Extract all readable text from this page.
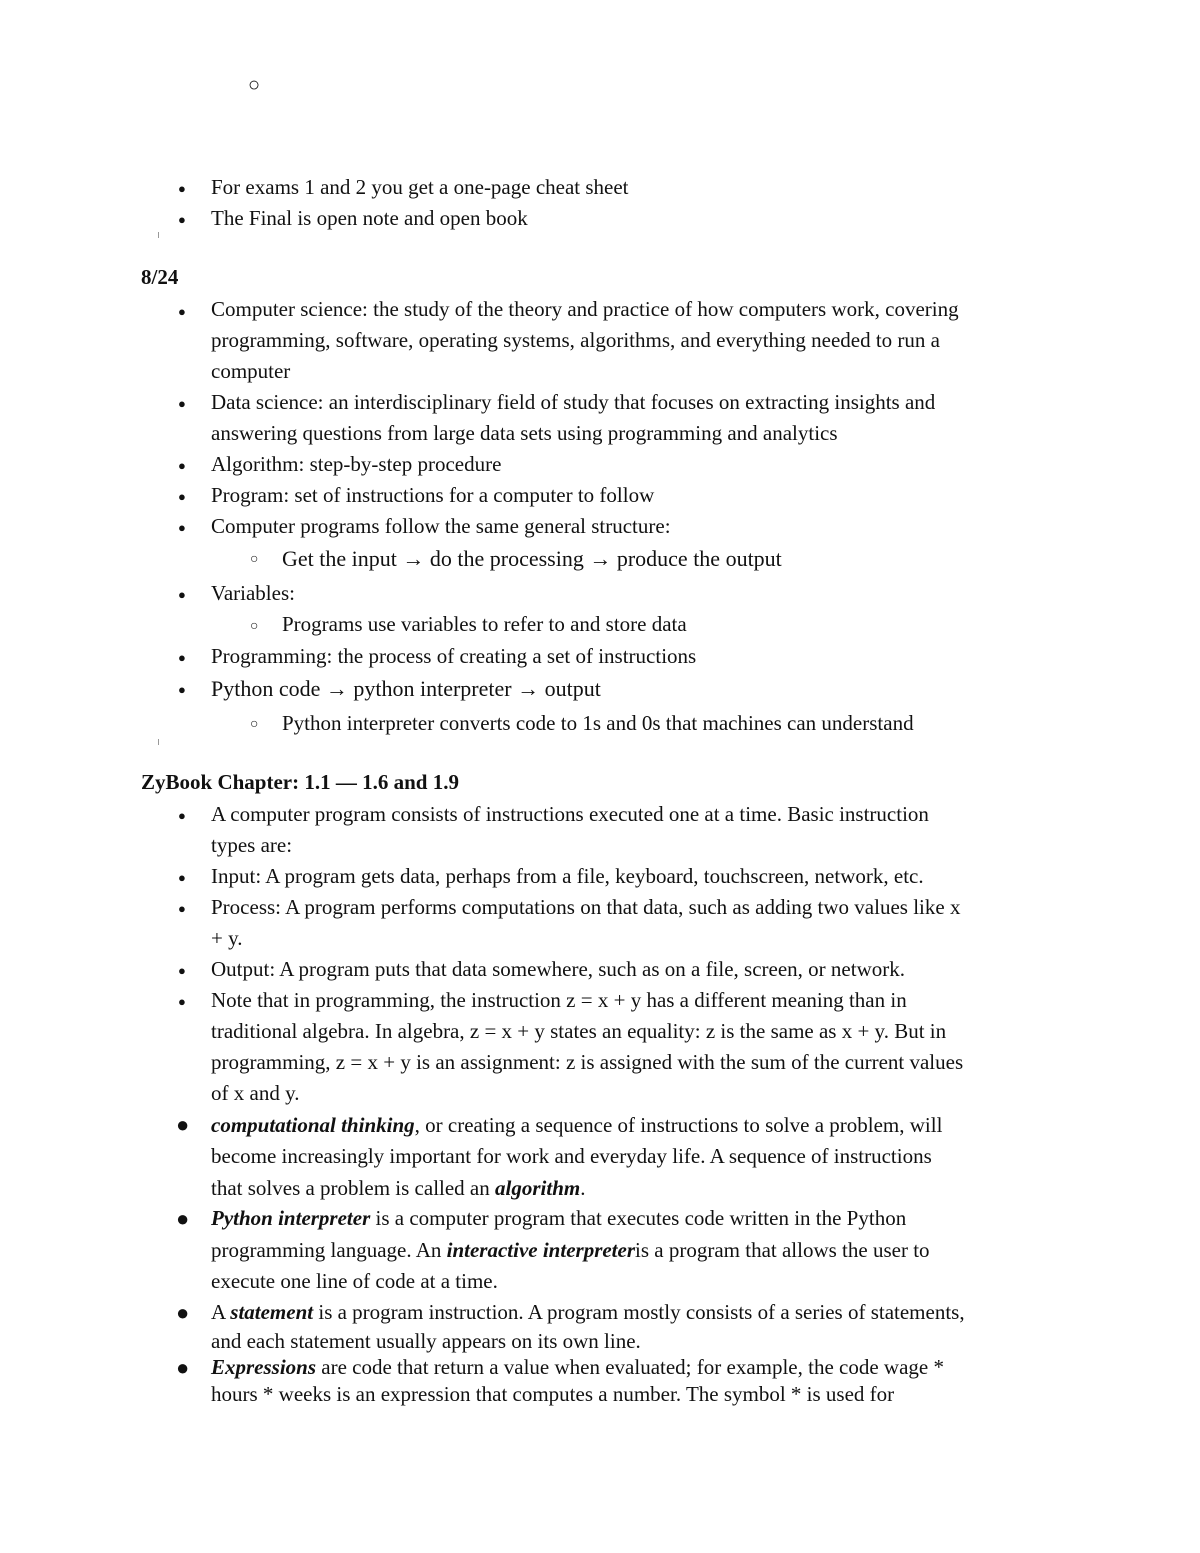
○
● For exams 1 and 2 you get a one-page cheat sheet
● The Final is open note and open book
8/24
● Computer science: the study of the theory and practice of how computers work, covering
programming, software, operating systems, algorithms, and everything needed to run a
computer
● Data science: an interdisciplinary field of study that focuses on extracting insights and
answering questions from large data sets using programming and analytics
● Algorithm: step-by-step procedure
● Program: set of instructions for a computer to follow
● Computer programs follow the same general structure:
○ Get the input → do the processing → produce the output
● Variables:
○ Programs use variables to refer to and store data
● Programming: the process of creating a set of instructions
● Python code → python interpreter → output
○ Python interpreter converts code to 1s and 0s that machines can understand
ZyBook Chapter: 1.1 — 1.6 and 1.9
● A computer program consists of instructions executed one at a time. Basic instruction
types are:
● Input: A program gets data, perhaps from a file, keyboard, touchscreen, network, etc.
● Process: A program performs computations on that data, such as adding two values like x
+ y.
● Output: A program puts that data somewhere, such as on a file, screen, or network.
● Note that in programming, the instruction z = x + y has a different meaning than in
traditional algebra. In algebra, z = x + y states an equality: z is the same as x + y. But in
programming, z = x + y is an assignment: z is assigned with the sum of the current values
of x and y.
● computational thinking, or creating a sequence of instructions to solve a problem, will
become increasingly important for work and everyday life. A sequence of instructions
that solves a problem is called an algorithm.
● Python interpreter is a computer program that executes code written in the Python
programming language. An interactive interpreteris a program that allows the user to
execute one line of code at a time.
● A statement is a program instruction. A program mostly consists of a series of statements,
and each statement usually appears on its own line.
● Expressions are code that return a value when evaluated; for example, the code wage *
hours * weeks is an expression that computes a number. The symbol * is used for
